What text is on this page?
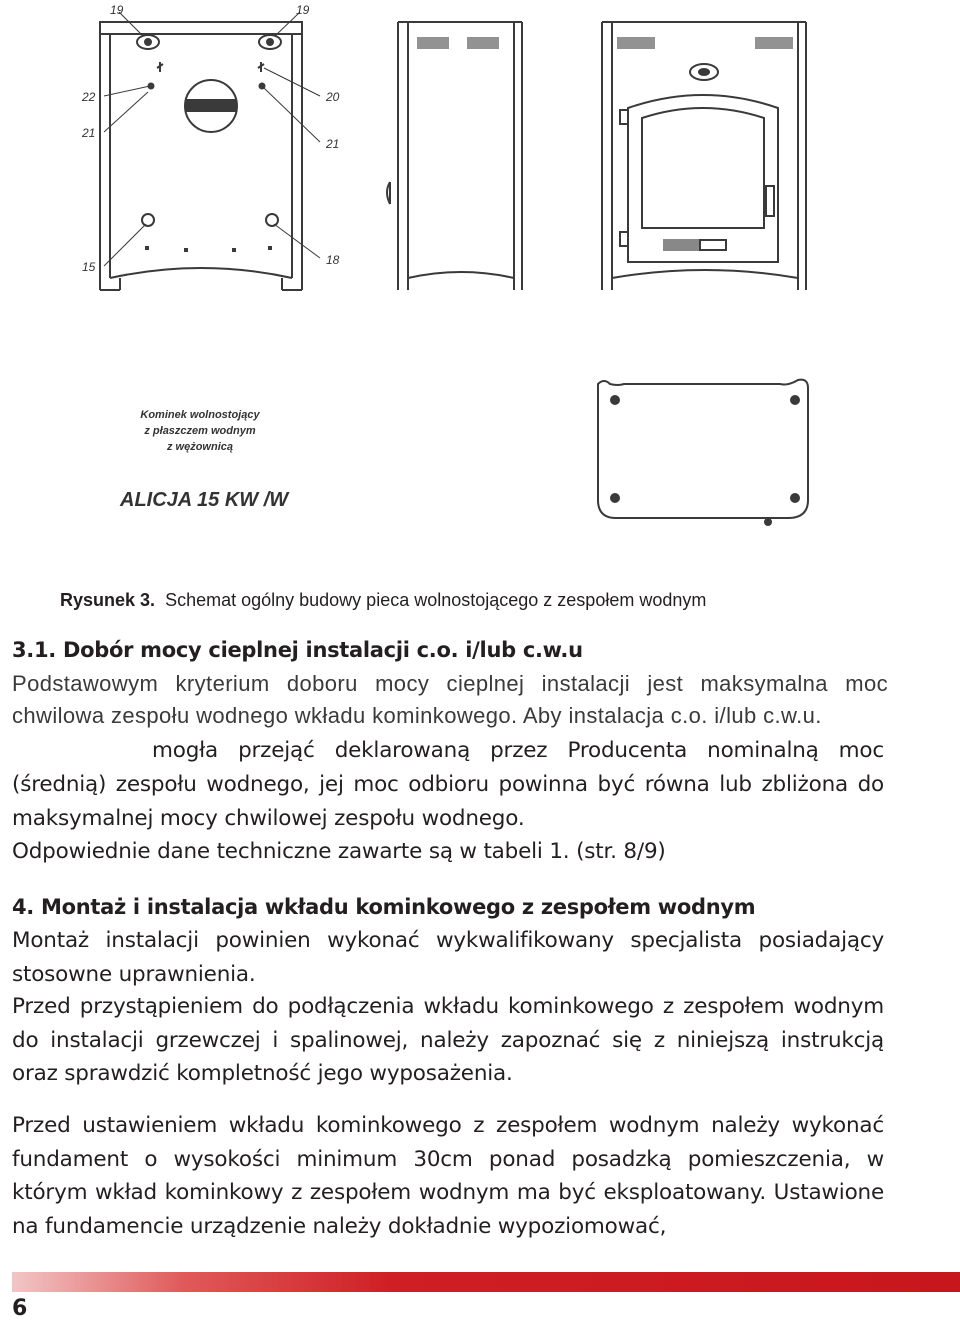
19	19
22	20
21
21
15	18
Kominek wolnostojący
z płaszczem wodnym
z wężownicą
ALICJA 15 KW /W
Rysunek 3. Schemat ogólny budowy pieca wolnostojącego z zespołem wodnym
3.1. Dobór mocy cieplnej instalacji c.o. i/lub c.w.u
Podstawowym kryterium doboru mocy cieplnej instalacji jest maksymalna moc chwilowa zespołu wodnego wkładu kominkowego. Aby instalacja c.o. i/lub c.w.u.
mogła przejąć deklarowaną przez Producenta nominalną moc (średnią) zespołu wodnego, jej moc odbioru powinna być równa lub zbliżona do maksymalnej mocy chwilowej zespołu wodnego.
Odpowiednie dane techniczne zawarte są w tabeli 1. (str. 8/9)
4. Montaż i instalacja wkładu kominkowego z zespołem wodnym
Montaż instalacji powinien wykonać wykwalifikowany specjalista posiadający stosowne uprawnienia.
Przed przystąpieniem do podłączenia wkładu kominkowego z zespołem wodnym do instalacji grzewczej i spalinowej, należy zapoznać się z niniejszą instrukcją oraz sprawdzić kompletność jego wyposażenia.
Przed ustawieniem wkładu kominkowego z zespołem wodnym należy wykonać fundament o wysokości minimum 30cm ponad posadzką pomieszczenia, w którym wkład kominkowy z zespołem wodnym ma być eksploatowany. Ustawione na fundamencie urządzenie należy dokładnie wypoziomować,
6
